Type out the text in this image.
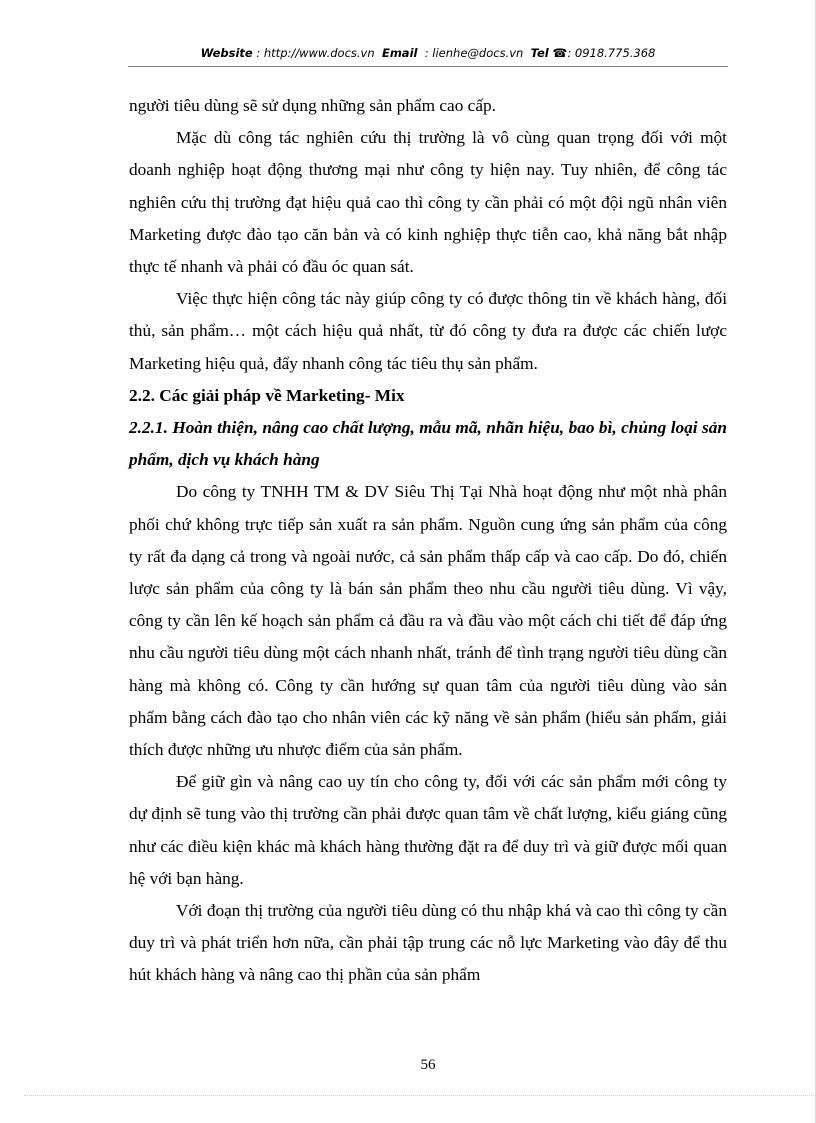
Website : http://www.docs.vn Email : lienhe@docs.vn Tel ☎: 0918.775.368

người tiêu dùng sẽ sử dụng những sản phẩm cao cấp.

Mặc dù công tác nghiên cứu thị trường là vô cùng quan trọng đối với một doanh nghiệp hoạt động thương mại như công ty hiện nay. Tuy nhiên, để công tác nghiên cứu thị trường đạt hiệu quả cao thì công ty cần phải có một đội ngũ nhân viên Marketing được đào tạo căn bản và có kinh nghiệp thực tiễn cao, khả năng bắt nhập thực tế nhanh và phải có đầu óc quan sát.

Việc thực hiện công tác này giúp công ty có được thông tin về khách hàng, đối thủ, sản phẩm… một cách hiệu quả nhất, từ đó công ty đưa ra được các chiến lược Marketing hiệu quả, đẩy nhanh công tác tiêu thụ sản phẩm.

2.2. Các giải pháp về Marketing- Mix

2.2.1. Hoàn thiện, nâng cao chất lượng, mẫu mã, nhãn hiệu, bao bì, chủng loại sản phẩm, dịch vụ khách hàng

Do công ty TNHH TM & DV Siêu Thị Tại Nhà hoạt động như một nhà phân phối chứ không trực tiếp sản xuất ra sản phẩm. Nguồn cung ứng sản phẩm của công ty rất đa dạng cả trong và ngoài nước, cả sản phẩm thấp cấp và cao cấp. Do đó, chiến lược sản phẩm của công ty là bán sản phẩm theo nhu cầu người tiêu dùng. Vì vậy, công ty cần lên kế hoạch sản phẩm cả đầu ra và đầu vào một cách chi tiết để đáp ứng nhu cầu người tiêu dùng một cách nhanh nhất, tránh để tình trạng người tiêu dùng cần hàng mà không có. Công ty cần hướng sự quan tâm của người tiêu dùng vào sản phẩm bằng cách đào tạo cho nhân viên các kỹ năng về sản phẩm (hiểu sản phẩm, giải thích được những ưu nhược điểm của sản phẩm.

Để giữ gìn và nâng cao uy tín cho công ty, đối với các sản phẩm mới công ty dự định sẽ tung vào thị trường cần phải được quan tâm về chất lượng, kiểu giáng cũng như các điều kiện khác mà khách hàng thường đặt ra để duy trì và giữ được mối quan hệ với bạn hàng.

Với đoạn thị trường của người tiêu dùng có thu nhập khá và cao thì công ty cần duy trì và phát triển hơn nữa, cần phải tập trung các nỗ lực Marketing vào đây để thu hút khách hàng và nâng cao thị phần của sản phẩm

56
